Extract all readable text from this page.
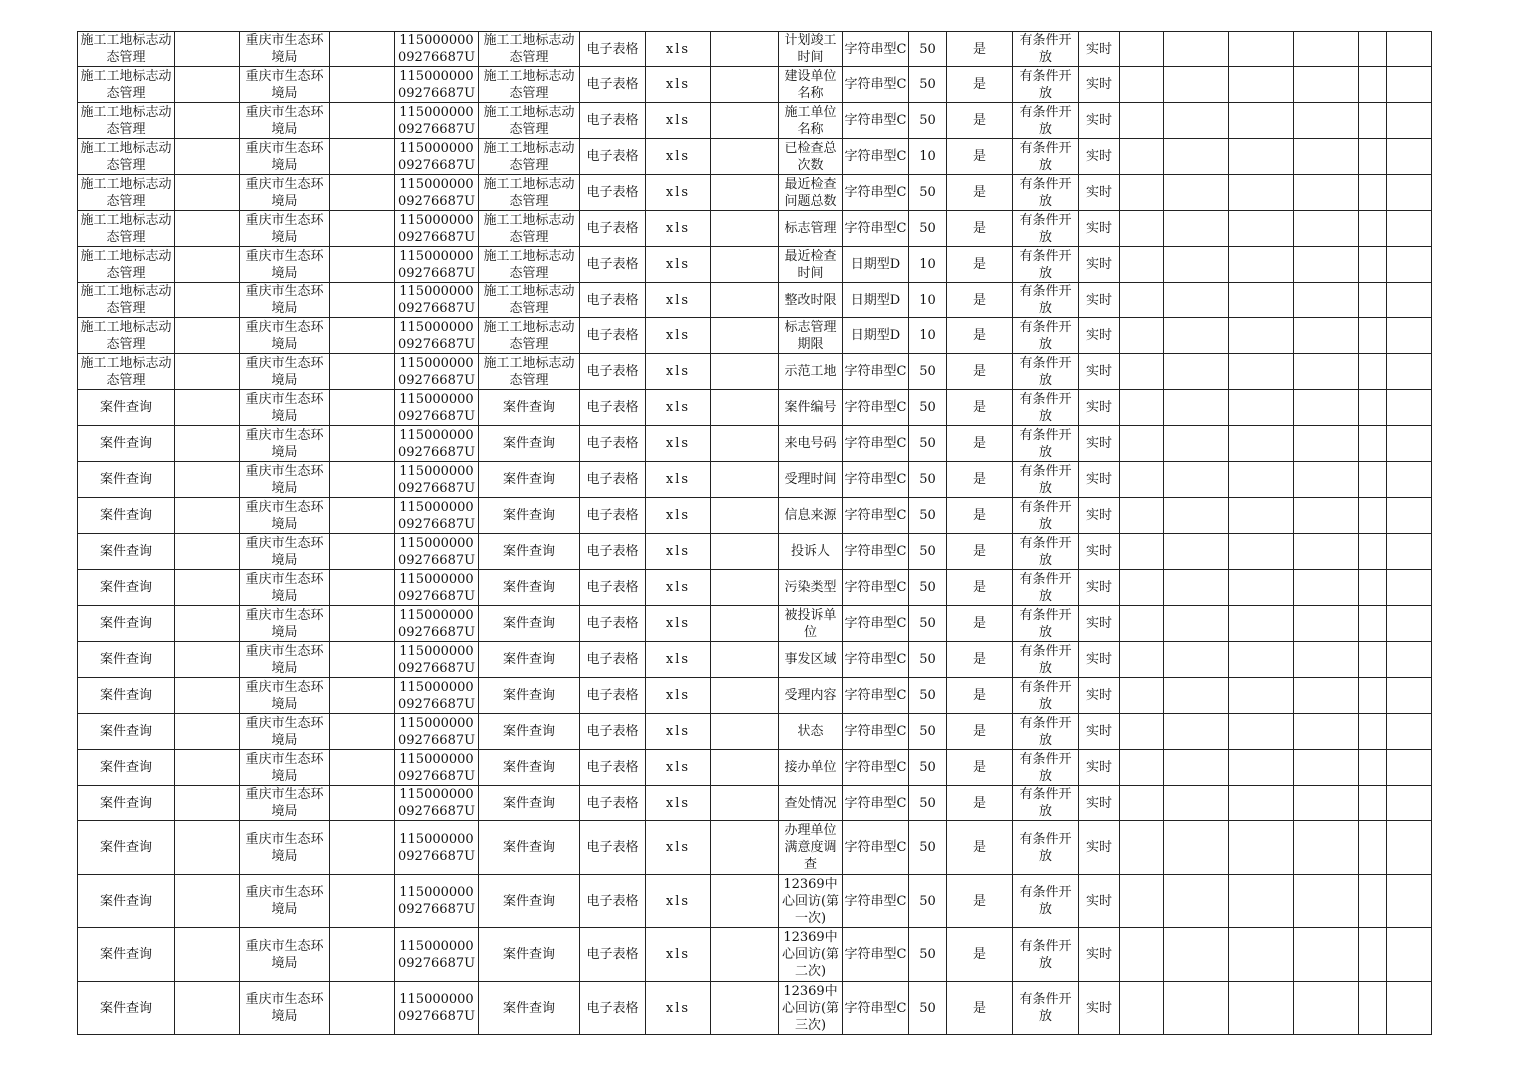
施工工地标志动态管理		重庆市生态环境局		11500000009276687U	施工工地标志动态管理	电子表格	xls		计划竣工时间	字符串型C	50	是	有条件开放	实时						
施工工地标志动态管理		重庆市生态环境局		11500000009276687U	施工工地标志动态管理	电子表格	xls		建设单位名称	字符串型C	50	是	有条件开放	实时						
施工工地标志动态管理		重庆市生态环境局		11500000009276687U	施工工地标志动态管理	电子表格	xls		施工单位名称	字符串型C	50	是	有条件开放	实时						
施工工地标志动态管理		重庆市生态环境局		11500000009276687U	施工工地标志动态管理	电子表格	xls		已检查总次数	字符串型C	10	是	有条件开放	实时						
施工工地标志动态管理		重庆市生态环境局		11500000009276687U	施工工地标志动态管理	电子表格	xls		最近检查问题总数	字符串型C	50	是	有条件开放	实时						
施工工地标志动态管理		重庆市生态环境局		11500000009276687U	施工工地标志动态管理	电子表格	xls		标志管理	字符串型C	50	是	有条件开放	实时						
施工工地标志动态管理		重庆市生态环境局		11500000009276687U	施工工地标志动态管理	电子表格	xls		最近检查时间	日期型D	10	是	有条件开放	实时						
施工工地标志动态管理		重庆市生态环境局		11500000009276687U	施工工地标志动态管理	电子表格	xls		整改时限	日期型D	10	是	有条件开放	实时						
施工工地标志动态管理		重庆市生态环境局		11500000009276687U	施工工地标志动态管理	电子表格	xls		标志管理期限	日期型D	10	是	有条件开放	实时						
施工工地标志动态管理		重庆市生态环境局		11500000009276687U	施工工地标志动态管理	电子表格	xls		示范工地	字符串型C	50	是	有条件开放	实时						
案件查询		重庆市生态环境局		11500000009276687U	案件查询	电子表格	xls		案件编号	字符串型C	50	是	有条件开放	实时						
案件查询		重庆市生态环境局		11500000009276687U	案件查询	电子表格	xls		来电号码	字符串型C	50	是	有条件开放	实时						
案件查询		重庆市生态环境局		11500000009276687U	案件查询	电子表格	xls		受理时间	字符串型C	50	是	有条件开放	实时						
案件查询		重庆市生态环境局		11500000009276687U	案件查询	电子表格	xls		信息来源	字符串型C	50	是	有条件开放	实时						
案件查询		重庆市生态环境局		11500000009276687U	案件查询	电子表格	xls		投诉人	字符串型C	50	是	有条件开放	实时						
案件查询		重庆市生态环境局		11500000009276687U	案件查询	电子表格	xls		污染类型	字符串型C	50	是	有条件开放	实时						
案件查询		重庆市生态环境局		11500000009276687U	案件查询	电子表格	xls		被投诉单位	字符串型C	50	是	有条件开放	实时						
案件查询		重庆市生态环境局		11500000009276687U	案件查询	电子表格	xls		事发区域	字符串型C	50	是	有条件开放	实时						
案件查询		重庆市生态环境局		11500000009276687U	案件查询	电子表格	xls		受理内容	字符串型C	50	是	有条件开放	实时						
案件查询		重庆市生态环境局		11500000009276687U	案件查询	电子表格	xls		状态	字符串型C	50	是	有条件开放	实时						
案件查询		重庆市生态环境局		11500000009276687U	案件查询	电子表格	xls		接办单位	字符串型C	50	是	有条件开放	实时						
案件查询		重庆市生态环境局		11500000009276687U	案件查询	电子表格	xls		查处情况	字符串型C	50	是	有条件开放	实时						
案件查询		重庆市生态环境局		11500000009276687U	案件查询	电子表格	xls		办理单位满意度调查	字符串型C	50	是	有条件开放	实时						
案件查询		重庆市生态环境局		11500000009276687U	案件查询	电子表格	xls		12369中心回访(第一次)	字符串型C	50	是	有条件开放	实时						
案件查询		重庆市生态环境局		11500000009276687U	案件查询	电子表格	xls		12369中心回访(第二次)	字符串型C	50	是	有条件开放	实时						
案件查询		重庆市生态环境局		11500000009276687U	案件查询	电子表格	xls		12369中心回访(第三次)	字符串型C	50	是	有条件开放	实时						
